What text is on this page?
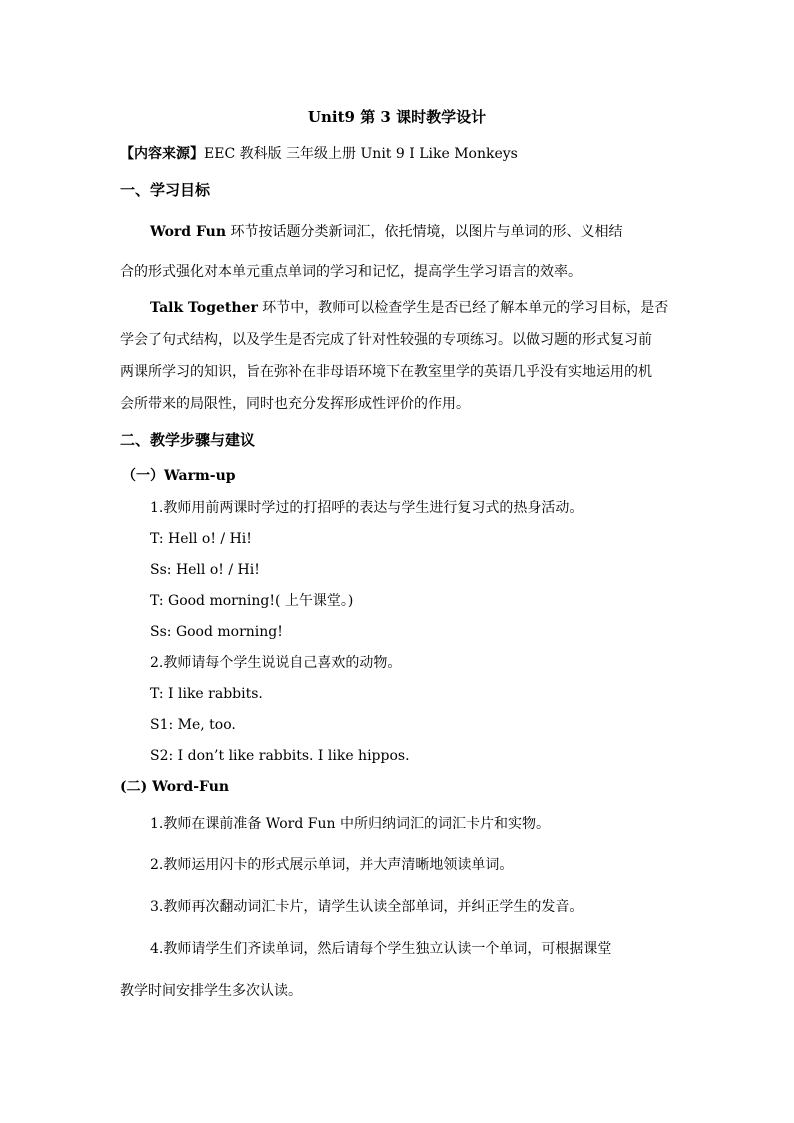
Unit9 第 3 课时教学设计
【内容来源】EEC 教科版 三年级上册 Unit 9 I Like Monkeys
一、学习目标
Word Fun 环节按话题分类新词汇，依托情境，以图片与单词的形、义相结
合的形式强化对本单元重点单词的学习和记忆，提高学生学习语言的效率。
Talk Together 环节中，教师可以检查学生是否已经了解本单元的学习目标，是否
学会了句式结构，以及学生是否完成了针对性较强的专项练习。以做习题的形式复习前
两课所学习的知识，旨在弥补在非母语环境下在教室里学的英语几乎没有实地运用的机
会所带来的局限性，同时也充分发挥形成性评价的作用。
二、教学步骤与建议
（一）Warm-up
1.教师用前两课时学过的打招呼的表达与学生进行复习式的热身活动。
T: Hell o! / Hi!
Ss: Hell o! / Hi!
T: Good morning!( 上午课堂。)
Ss: Good morning!
2.教师请每个学生说说自己喜欢的动物。
T: I like rabbits.
S1: Me, too.
S2: I don’t like rabbits. I like hippos.
(二) Word-Fun
1.教师在课前准备 Word Fun 中所归纳词汇的词汇卡片和实物。
2.教师运用闪卡的形式展示单词，并大声清晰地领读单词。
3.教师再次翻动词汇卡片，请学生认读全部单词，并纠正学生的发音。
4.教师请学生们齐读单词，然后请每个学生独立认读一个单词，可根据课堂
教学时间安排学生多次认读。
